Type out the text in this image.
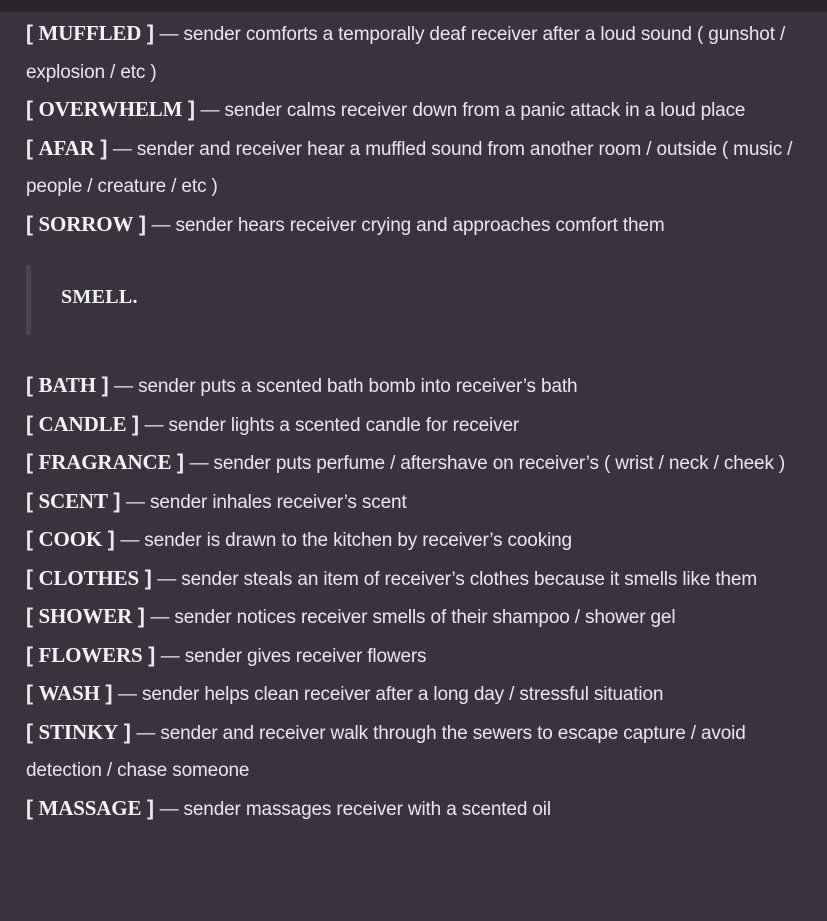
[ MUFFLED ] — sender comforts a temporally deaf receiver after a loud sound ( gunshot / explosion / etc )
[ OVERWHELM ] — sender calms receiver down from a panic attack in a loud place
[ AFAR ] — sender and receiver hear a muffled sound from another room / outside ( music / people / creature / etc )
[ SORROW ] — sender hears receiver crying and approaches comfort them
SMELL.
[ BATH ] — sender puts a scented bath bomb into receiver’s bath
[ CANDLE ] — sender lights a scented candle for receiver
[ FRAGRANCE ] — sender puts perfume / aftershave on receiver’s ( wrist / neck / cheek )
[ SCENT ] — sender inhales receiver’s scent
[ COOK ] — sender is drawn to the kitchen by receiver’s cooking
[ CLOTHES ] — sender steals an item of receiver’s clothes because it smells like them
[ SHOWER ] — sender notices receiver smells of their shampoo / shower gel
[ FLOWERS ] — sender gives receiver flowers
[ WASH ] — sender helps clean receiver after a long day / stressful situation
[ STINKY ] — sender and receiver walk through the sewers to escape capture / avoid detection / chase someone
[ MASSAGE ] — sender massages receiver with a scented oil
